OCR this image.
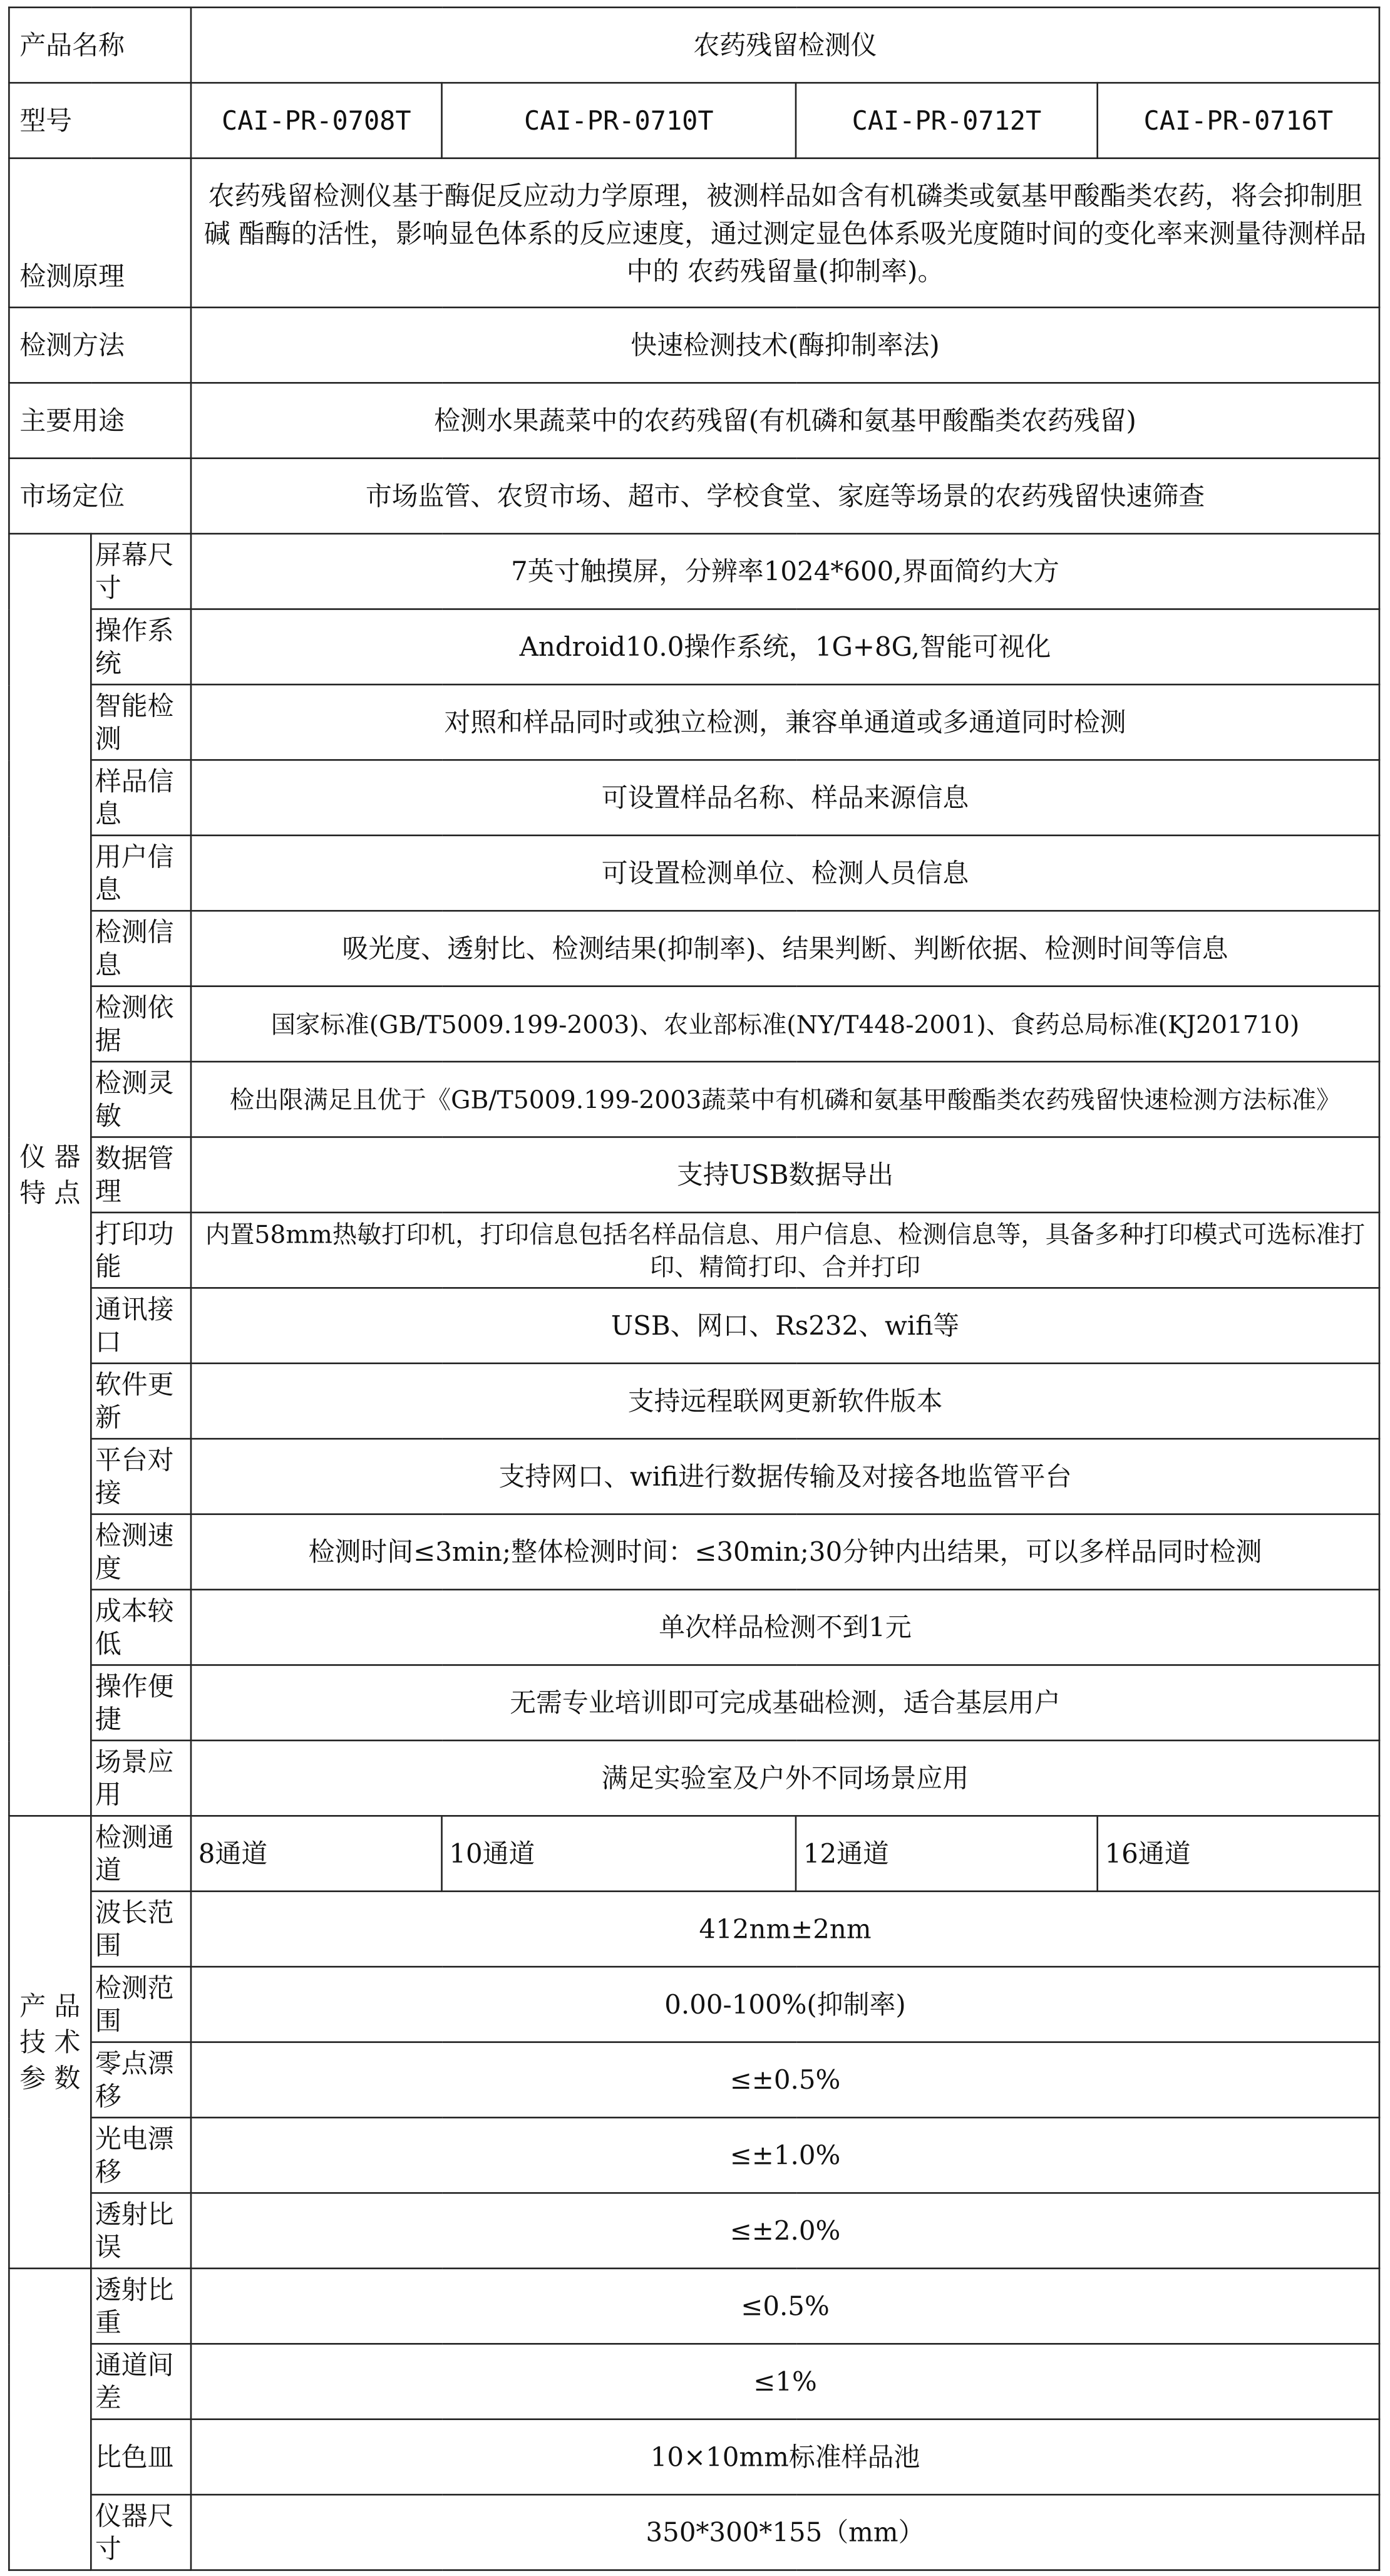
产品名称		农药残留检测仪			
型号		CAI-PR-0708T	CAI-PR-0710T	CAI-PR-0712T	CAI-PR-0716T
检测原理		农药残留检测仪基于酶促反应动力学原理，被测样品如含有机磷类或氨基甲酸酯类农药，将会抑制胆碱 酯酶的活性，影响显色体系的反应速度，通过测定显色体系吸光度随时间的变化率来测量待测样品中的 农药残留量(抑制率)。			
检测方法		快速检测技术(酶抑制率法)			
主要用途		检测水果蔬菜中的农药残留(有机磷和氨基甲酸酯类农药残留)			
市场定位		市场监管、农贸市场、超市、学校食堂、家庭等场景的农药残留快速筛查			

仪 器
特 点	屏幕尺寸	7英寸触摸屏，分辨率1024*600,界面简约大方			
	操作系统	Android10.0操作系统，1G+8G,智能可视化			
	智能检测	对照和样品同时或独立检测，兼容单通道或多通道同时检测			
	样品信息	可设置样品名称、样品来源信息			
	用户信息	可设置检测单位、检测人员信息			
	检测信息	吸光度、透射比、检测结果(抑制率)、结果判断、判断依据、检测时间等信息			
	检测依据	国家标准(GB/T5009.199-2003)、农业部标准(NY/T448-2001)、食药总局标准(KJ201710)			
	检测灵敏	检出限满足且优于《GB/T5009.199-2003蔬菜中有机磷和氨基甲酸酯类农药残留快速检测方法标准》			
	数据管理	支持USB数据导出			
	打印功能	内置58mm热敏打印机，打印信息包括名样品信息、用户信息、检测信息等，具备多种打印模式可选标准打印、精简打印、合并打印			
	通讯接口	USB、网口、Rs232、wifi等			
	软件更新	支持远程联网更新软件版本			
	平台对接	支持网口、wifi进行数据传输及对接各地监管平台			
	检测速度	检测时间≤3min;整体检测时间：≤30min;30分钟内出结果，可以多样品同时检测			
	成本较低	单次样品检测不到1元			
	操作便捷	无需专业培训即可完成基础检测，适合基层用户			
	场景应用	满足实验室及户外不同场景应用			

产 品
技 术
参 数	检测通道	8通道	10通道	12通道	16通道
	波长范围	412nm±2nm			
	检测范围	0.00-100%(抑制率)			
	零点漂移	≤±0.5%			
	光电漂移	≤±1.0%			
	透射比误	≤±2.0%			
	透射比重	≤0.5%			
	通道间差	≤1%			
	比色皿	10×10mm标准样品池			
	仪器尺寸	350*300*155（mm）			
